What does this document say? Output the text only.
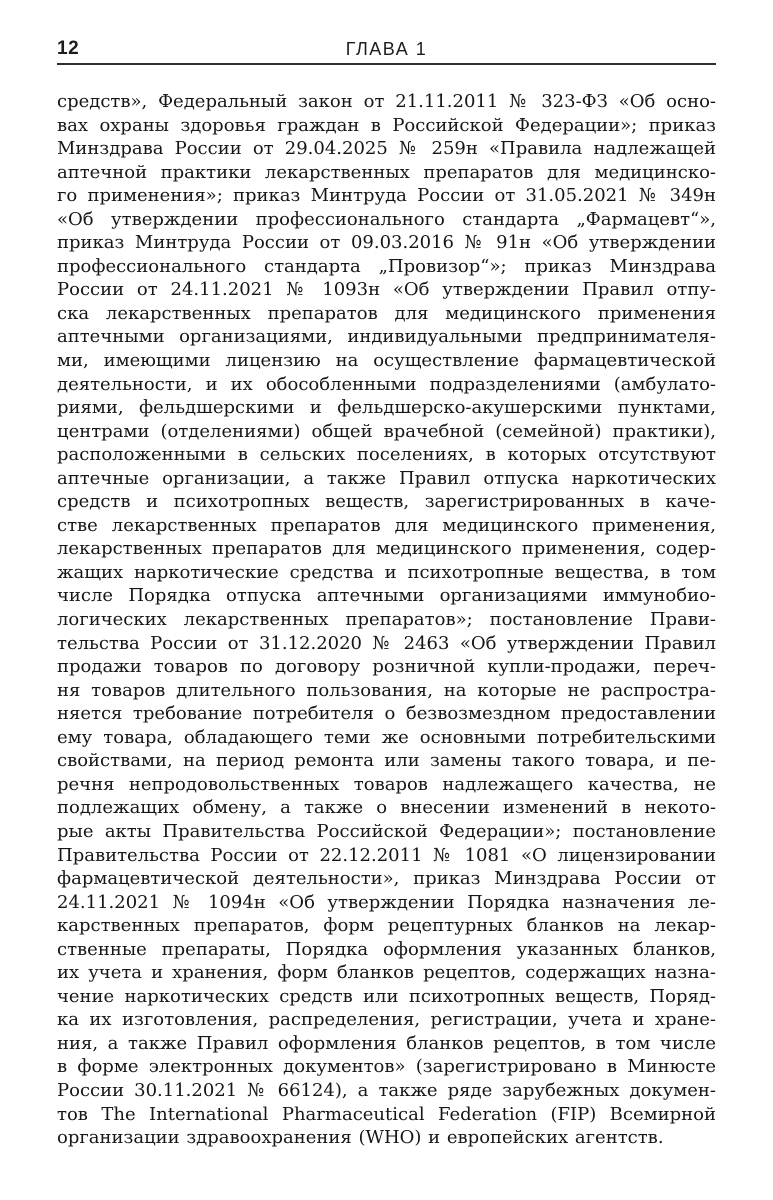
12	ГЛАВА 1
средств», Федеральный закон от 21.11.2011 № 323-ФЗ «Об осно-
вах охраны здоровья граждан в Российской Федерации»; приказ
Минздрава России от 29.04.2025 № 259н «Правила надлежащей
аптечной практики лекарственных препаратов для медицинско-
го применения»; приказ Минтруда России от 31.05.2021 № 349н
«Об утверждении профессионального стандарта „Фармацевт“»,
приказ Минтруда России от 09.03.2016 № 91н «Об утверждении
профессионального стандарта „Провизор“»; приказ Минздрава
России от 24.11.2021 № 1093н «Об утверждении Правил отпу-
ска лекарственных препаратов для медицинского применения
аптечными организациями, индивидуальными предпринимателя-
ми, имеющими лицензию на осуществление фармацевтической
деятельности, и их обособленными подразделениями (амбулато-
риями, фельдшерскими и фельдшерско-акушерскими пунктами,
центрами (отделениями) общей врачебной (семейной) практики),
расположенными в сельских поселениях, в которых отсутствуют
аптечные организации, а также Правил отпуска наркотических
средств и психотропных веществ, зарегистрированных в каче-
стве лекарственных препаратов для медицинского применения,
лекарственных препаратов для медицинского применения, содер-
жащих наркотические средства и психотропные вещества, в том
числе Порядка отпуска аптечными организациями иммунобио-
логических лекарственных препаратов»; постановление Прави-
тельства России от 31.12.2020 № 2463 «Об утверждении Правил
продажи товаров по договору розничной купли-продажи, переч-
ня товаров длительного пользования, на которые не распростра-
няется требование потребителя о безвозмездном предоставлении
ему товара, обладающего теми же основными потребительскими
свойствами, на период ремонта или замены такого товара, и пе-
речня непродовольственных товаров надлежащего качества, не
подлежащих обмену, а также о внесении изменений в некото-
рые акты Правительства Российской Федерации»; постановление
Правительства России от 22.12.2011 № 1081 «О лицензировании
фармацевтической деятельности», приказ Минздрава России от
24.11.2021 № 1094н «Об утверждении Порядка назначения ле-
карственных препаратов, форм рецептурных бланков на лекар-
ственные препараты, Порядка оформления указанных бланков,
их учета и хранения, форм бланков рецептов, содержащих назна-
чение наркотических средств или психотропных веществ, Поряд-
ка их изготовления, распределения, регистрации, учета и хране-
ния, а также Правил оформления бланков рецептов, в том числе
в форме электронных документов» (зарегистрировано в Минюсте
России 30.11.2021 № 66124), а также ряде зарубежных докумен-
тов The International Pharmaceutical Federation (FIP) Всемирной
организации здравоохранения (WHO) и европейских агентств.
